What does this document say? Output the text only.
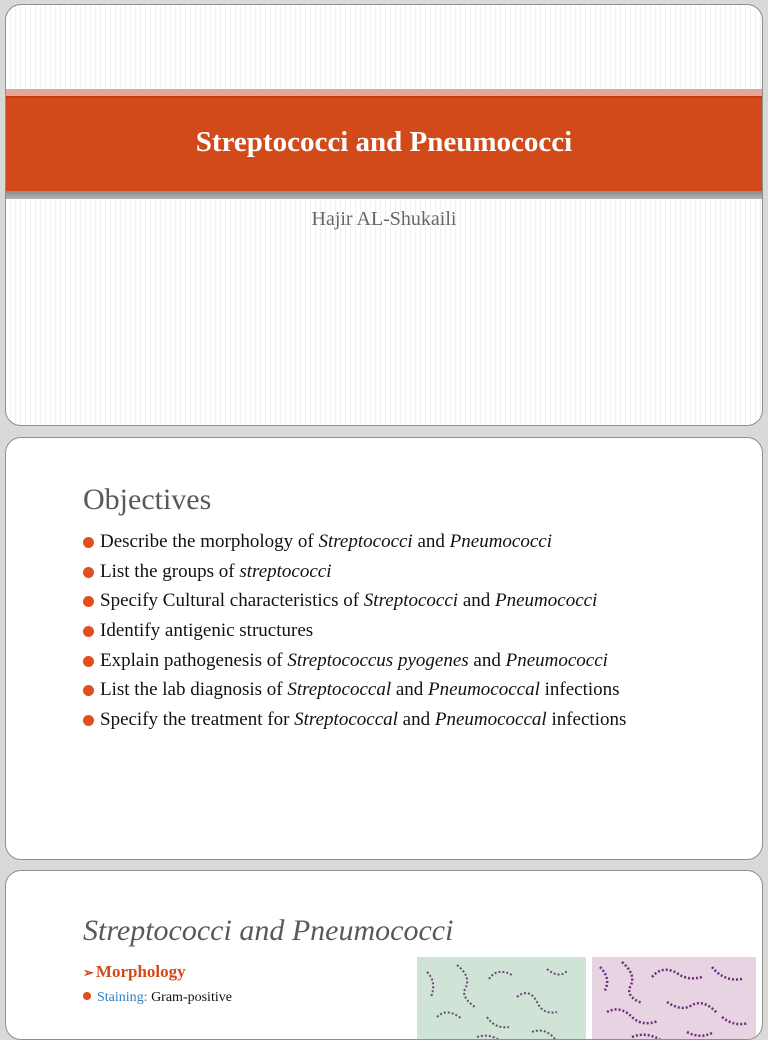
Streptococci and Pneumococci
Hajir AL-Shukaili
Objectives
Describe the morphology of Streptococci and Pneumococci
List the groups of streptococci
Specify Cultural characteristics of Streptococci and Pneumococci
Identify antigenic structures
Explain pathogenesis of Streptococcus pyogenes and Pneumococci
List the lab diagnosis of Streptococcal and Pneumococcal infections
Specify the treatment for Streptococcal and Pneumococcal infections
Streptococci and Pneumococci
➢ Morphology
Staining: Gram-positive
